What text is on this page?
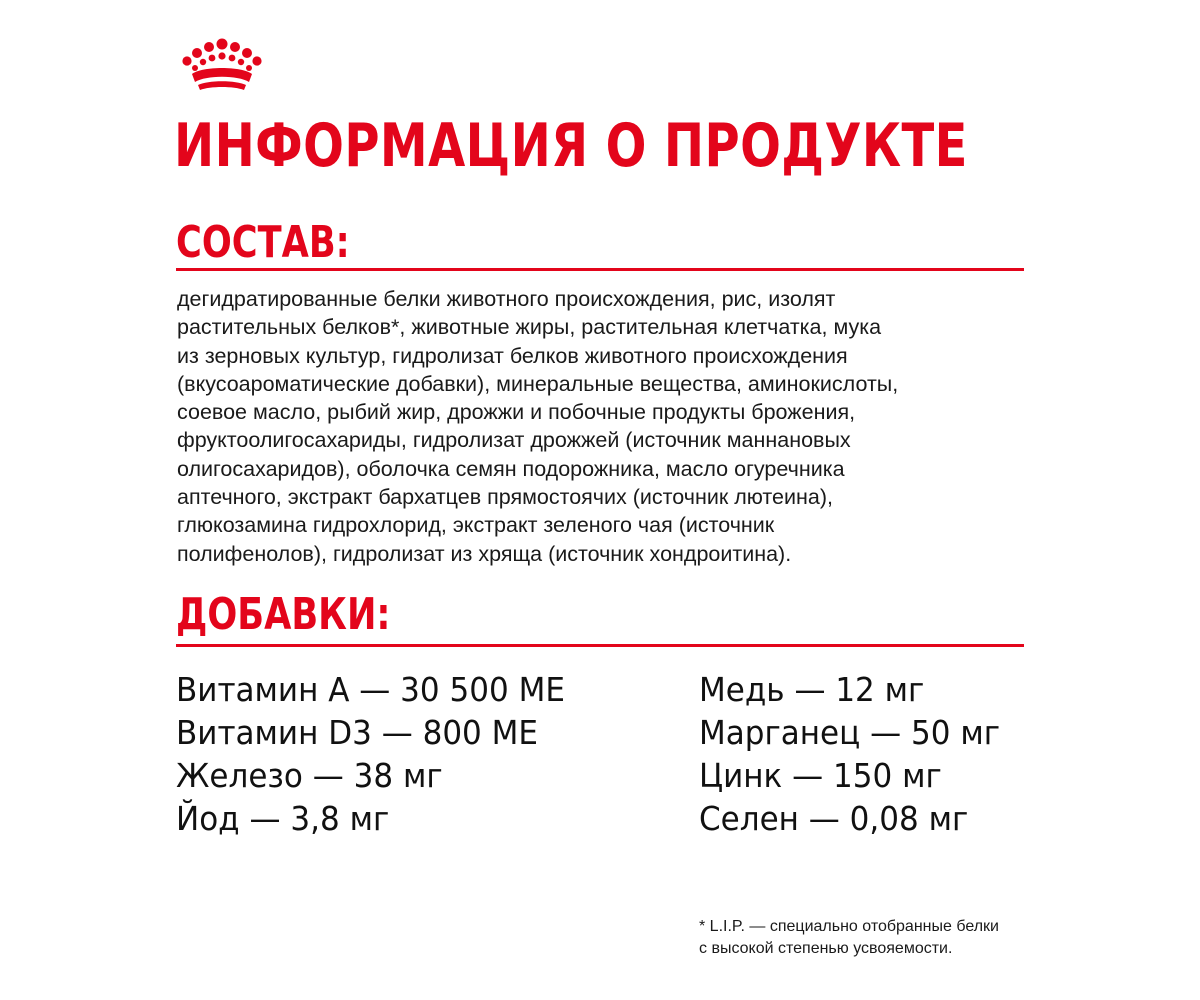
ИНФОРМАЦИЯ О ПРОДУКТЕ
СОСТАВ:

дегидратированные белки животного происхождения, рис, изолят
растительных белков*, животные жиры, растительная клетчатка, мука
из зерновых культур, гидролизат белков животного происхождения
(вкусоароматические добавки), минеральные вещества, аминокислоты,
соевое масло, рыбий жир, дрожжи и побочные продукты брожения,
фруктоолигосахариды, гидролизат дрожжей (источник маннановых
олигосахаридов), оболочка семян подорожника, масло огуречника
аптечного, экстракт бархатцев прямостоячих (источник лютеина),
глюкозамина гидрохлорид, экстракт зеленого чая (источник
полифенолов), гидролизат из хряща (источник хондроитина).

ДОБАВКИ:
Витамин А — 30 500 МЕ
Витамин D3 — 800 МЕ
Железо — 38 мг
Йод — 3,8 мг
Медь — 12 мг
Марганец — 50 мг
Цинк — 150 мг
Селен — 0,08 мг

* L.I.P. — специально отобранные белки
с высокой степенью усвояемости.
